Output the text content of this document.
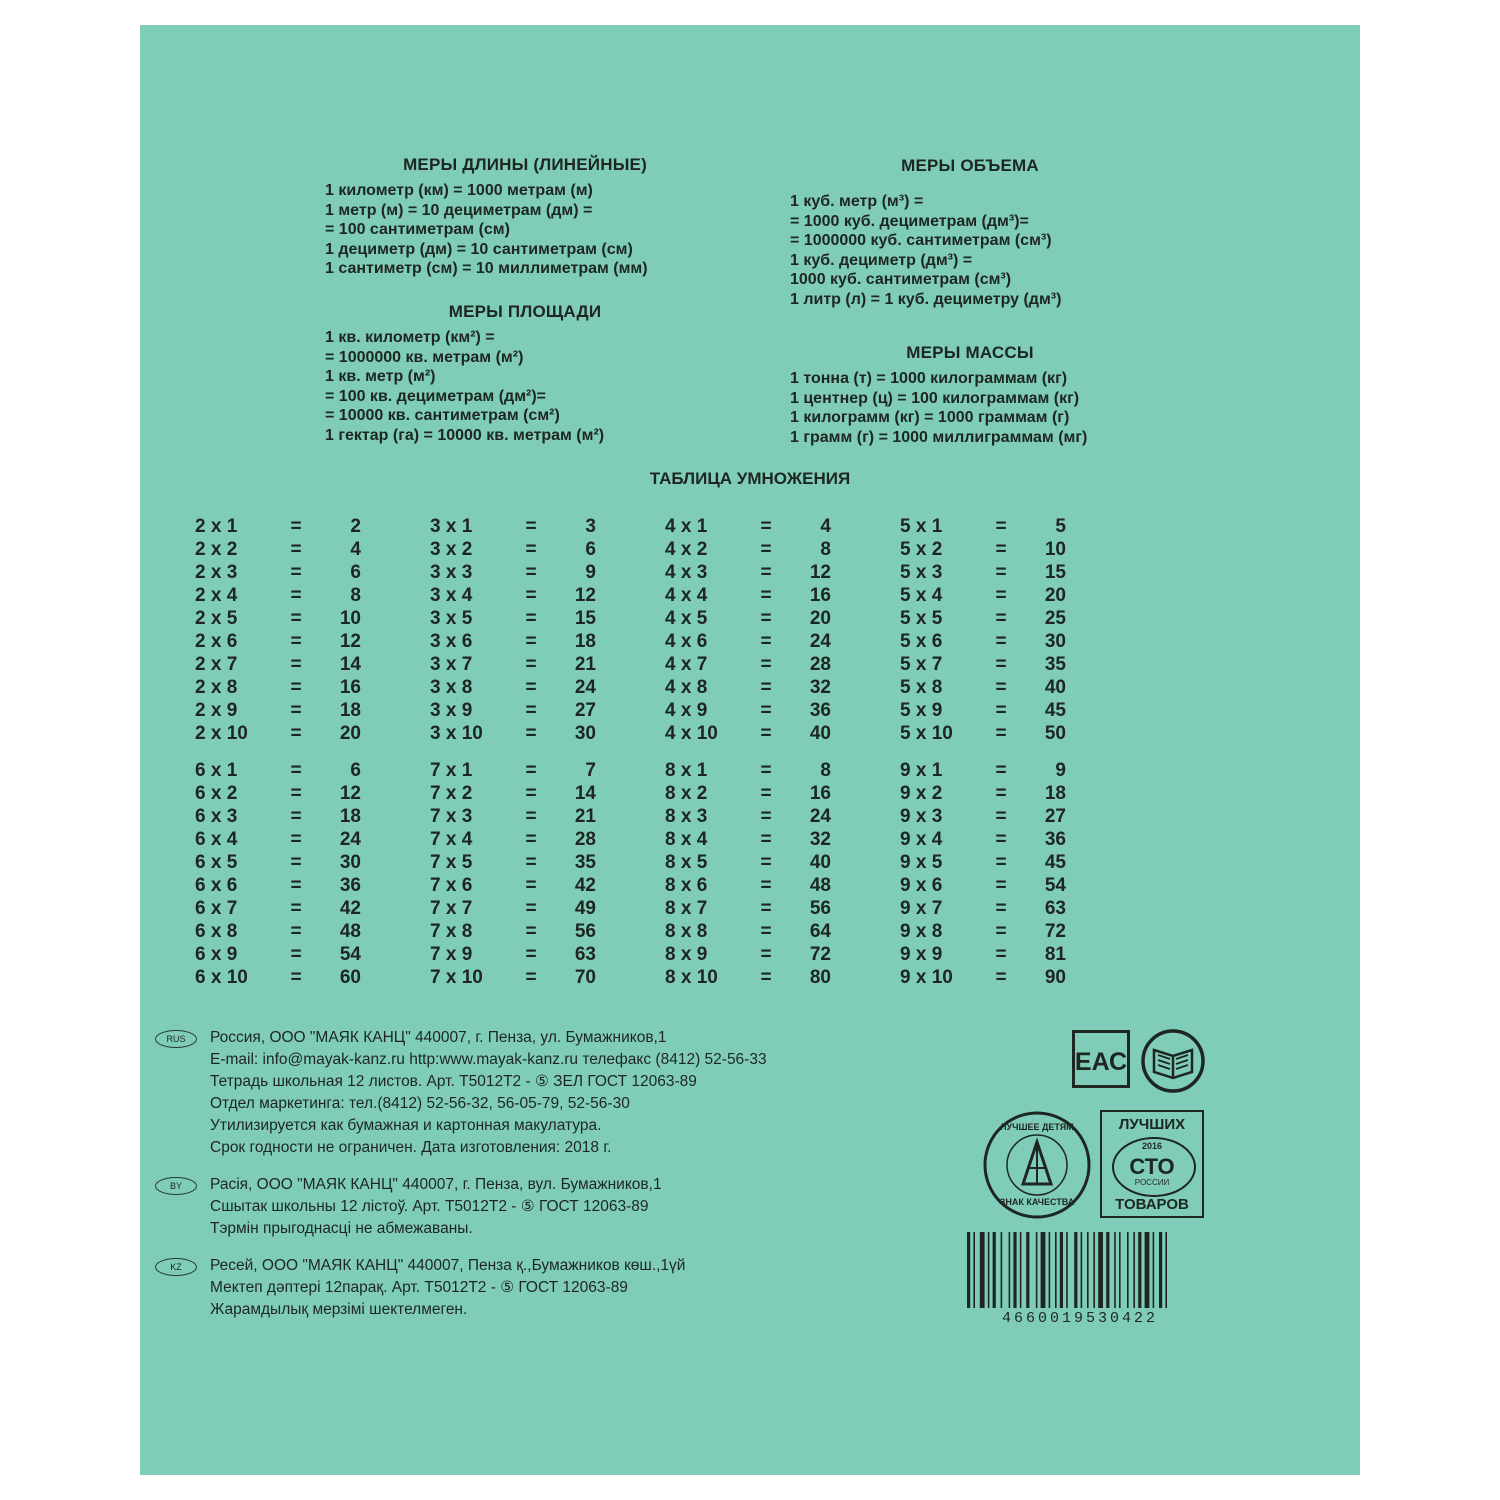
МЕРЫ ДЛИНЫ (ЛИНЕЙНЫЕ)
1 километр (км) = 1000 метрам (м)
1 метр (м) = 10 дециметрам (дм) =
= 100 сантиметрам (см)
1 дециметр (дм) = 10 сантиметрам (см)
1 сантиметр (см) = 10 миллиметрам (мм)
МЕРЫ ПЛОЩАДИ
1 кв. километр (км²) =
= 1000000 кв. метрам (м²)
1 кв. метр (м²)
= 100 кв. дециметрам (дм²)=
= 10000 кв. сантиметрам (см²)
1 гектар (га) = 10000 кв. метрам (м²)
МЕРЫ ОБЪЕМА
1 куб. метр (м³) =
= 1000 куб. дециметрам (дм³)=
= 1000000 куб. сантиметрам (см³)
1 куб. дециметр (дм³) =
1000 куб. сантиметрам (см³)
1 литр (л) = 1 куб. дециметру (дм³)
МЕРЫ МАССЫ
1 тонна (т) = 1000 килограммам (кг)
1 центнер (ц) = 100 килограммам (кг)
1 килограмм (кг) = 1000 граммам (г)
1 грамм (г) = 1000 миллиграммам (мг)
ТАБЛИЦА УМНОЖЕНИЯ
2 x 1	=	2
2 x 2	=	4
2 x 3	=	6
2 x 4	=	8
2 x 5	=	10
2 x 6	=	12
2 x 7	=	14
2 x 8	=	16
2 x 9	=	18
2 x 10	=	20
3 x 1	=	3
3 x 2	=	6
3 x 3	=	9
3 x 4	=	12
3 x 5	=	15
3 x 6	=	18
3 x 7	=	21
3 x 8	=	24
3 x 9	=	27
3 x 10	=	30
4 x 1	=	4
4 x 2	=	8
4 x 3	=	12
4 x 4	=	16
4 x 5	=	20
4 x 6	=	24
4 x 7	=	28
4 x 8	=	32
4 x 9	=	36
4 x 10	=	40
5 x 1	=	5
5 x 2	=	10
5 x 3	=	15
5 x 4	=	20
5 x 5	=	25
5 x 6	=	30
5 x 7	=	35
5 x 8	=	40
5 x 9	=	45
5 x 10	=	50
6 x 1	=	6
6 x 2	=	12
6 x 3	=	18
6 x 4	=	24
6 x 5	=	30
6 x 6	=	36
6 x 7	=	42
6 x 8	=	48
6 x 9	=	54
6 x 10	=	60
7 x 1	=	7
7 x 2	=	14
7 x 3	=	21
7 x 4	=	28
7 x 5	=	35
7 x 6	=	42
7 x 7	=	49
7 x 8	=	56
7 x 9	=	63
7 x 10	=	70
8 x 1	=	8
8 x 2	=	16
8 x 3	=	24
8 x 4	=	32
8 x 5	=	40
8 x 6	=	48
8 x 7	=	56
8 x 8	=	64
8 x 9	=	72
8 x 10	=	80
9 x 1	=	9
9 x 2	=	18
9 x 3	=	27
9 x 4	=	36
9 x 5	=	45
9 x 6	=	54
9 x 7	=	63
9 x 8	=	72
9 x 9	=	81
9 x 10	=	90
RUS	Россия, ООО "МАЯК КАНЦ" 440007, г. Пенза, ул. Бумажников,1
E-mail: info@mayak-kanz.ru http:www.mayak-kanz.ru телефакс (8412) 52-56-33
Тетрадь школьная 12 листов. Арт. Т5012Т2 - ⑤ ЗЕЛ ГОСТ 12063-89
Отдел маркетинга: тел.(8412) 52-56-32, 56-05-79, 52-56-30
Утилизируется как бумажная и картонная макулатура.
Срок годности не ограничен. Дата изготовления: 2018 г.
BY	Расія, ООО "МАЯК КАНЦ" 440007, г. Пенза, вул. Бумажников,1
Сшытак школьны 12 лістоў. Арт. Т5012Т2 - ⑤ ГОСТ 12063-89
Тэрмін прыгоднасці не абмежаваны.
KZ	Ресей, ООО "МАЯК КАНЦ" 440007, Пенза қ.,Бумажников көш.,1үй
Мектеп дәптері 12парақ. Арт. Т5012Т2 - ⑤ ГОСТ 12063-89
Жарамдылық мерзімі шектелмеген.
ЕАС
ЛУЧШЕЕ ДЕТЯМ
ЗНАК КАЧЕСТВА
ЛУЧШИХ
2016
СТО
РОССИИ
ТОВАРОВ
4660019530422
